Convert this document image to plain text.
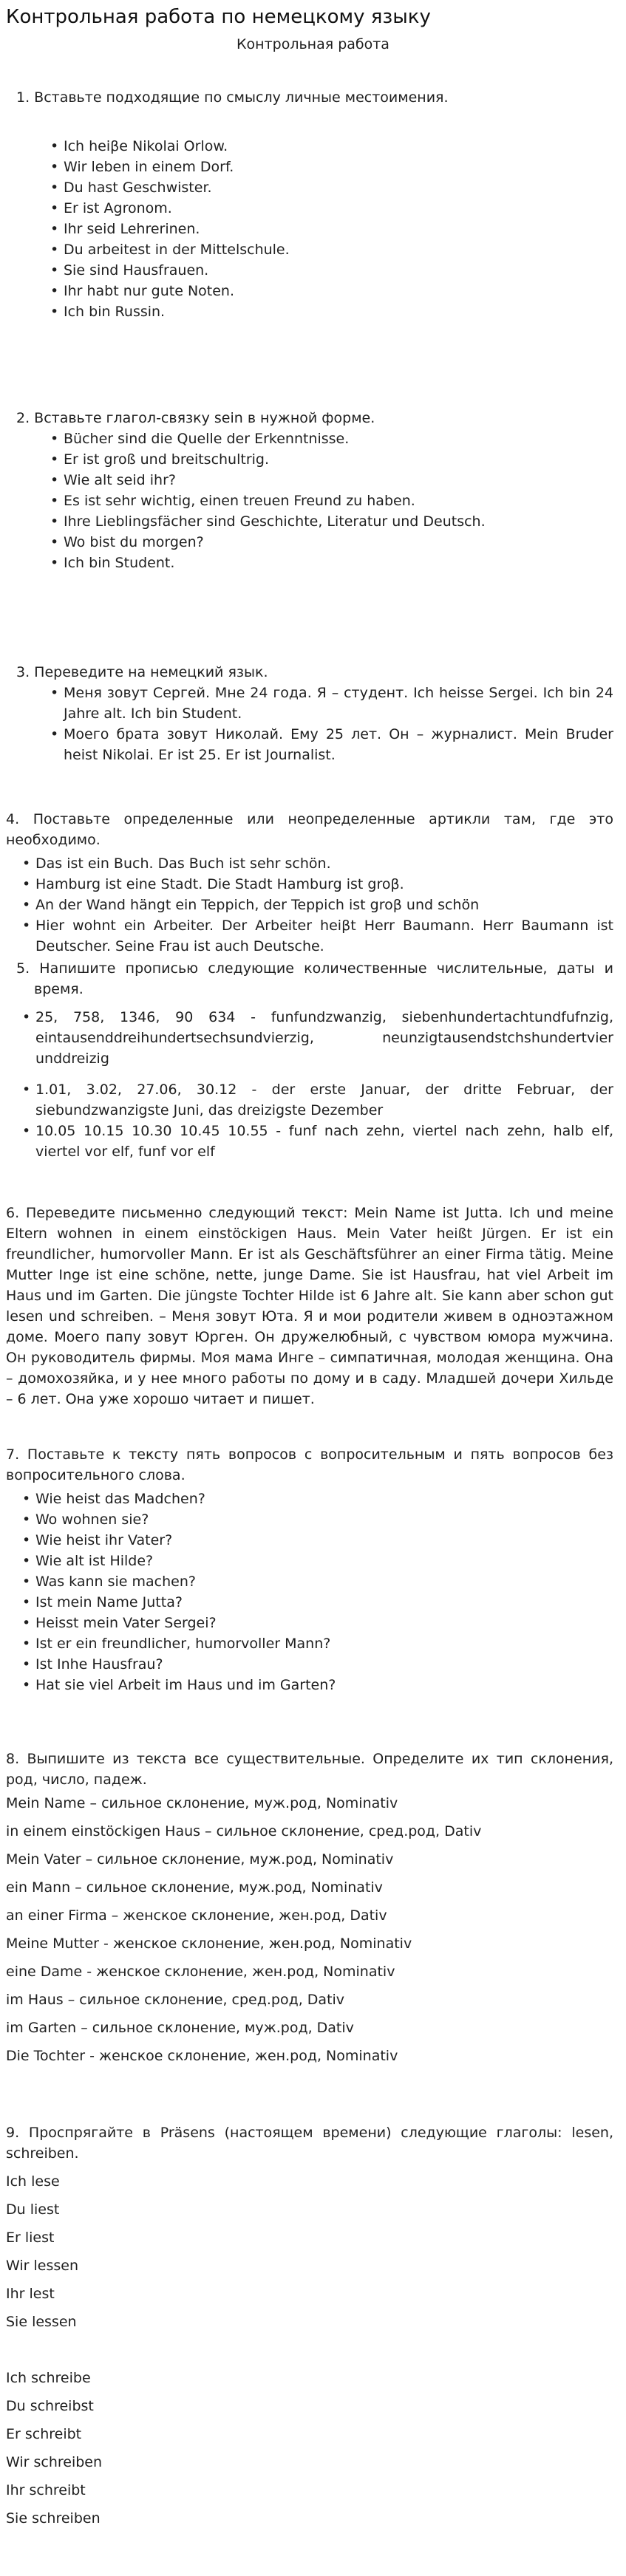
Контрольная работа по немецкому языку
Контрольная работа
1. Вставьте подходящие по смыслу личные местоимения.
• Ich heiβe Nikolai Orlow.
• Wir leben in einem Dorf.
• Du hast Geschwister.
• Er ist Agronom.
• Ihr seid Lehrerinen.
• Du arbeitest in der Mittelschule.
• Sie sind Hausfrauen.
• Ihr habt nur gute Noten.
• Ich bin Russin.
2. Вставьте глагол-связку sein в нужной форме.
• Bücher sind die Quelle der Erkenntnisse.
• Er ist groß und breitschultrig.
• Wie alt seid ihr?
• Es ist sehr wichtig, einen treuen Freund zu haben.
• Ihre Lieblingsfächer sind Geschichte, Literatur und Deutsch.
• Wo bist du morgen?
• Ich bin Student.
3. Переведите на немецкий язык.
• Меня зовут Сергей. Мне 24 года. Я – студент. Ich heisse Sergei. Ich bin 24 Jahre alt. Ich bin Student.
• Моего брата зовут Николай. Ему 25 лет. Он – журналист. Mein Bruder heist Nikolai. Er ist 25. Er ist Journalist.
4. Поставьте определенные или неопределенные артикли там, где это необходимо.
• Das ist ein Buch. Das Buch ist sehr schön.
• Hamburg ist eine Stadt. Die Stadt Hamburg ist groβ.
• An der Wand hängt ein Teppich, der Teppich ist groβ und schön
• Hier wohnt ein Arbeiter. Der Arbeiter heiβt Herr Baumann. Herr Baumann ist Deutscher. Seine Frau ist auch Deutsche.
5. Напишите прописью следующие количественные числительные, даты и время.
• 25, 758, 1346, 90 634 - funfundzwanzig, siebenhundertachtundfufnzig, eintausenddreihundertsechsundvierzig, neunzigtausendstchshundertvier unddreizig
• 1.01, 3.02, 27.06, 30.12 - der erste Januar, der dritte Februar, der siebundzwanzigste Juni, das dreizigste Dezember
• 10.05 10.15 10.30 10.45 10.55 - funf nach zehn, viertel nach zehn, halb elf, viertel vor elf, funf vor elf
6. Переведите письменно следующий текст: Mein Name ist Jutta. Ich und meine Eltern wohnen in einem einstöckigen Haus. Mein Vater heißt Jürgen. Er ist ein freundlicher, humorvoller Mann. Er ist als Geschäftsführer an einer Firma tätig. Meine Mutter Inge ist eine schöne, nette, junge Dame. Sie ist Hausfrau, hat viel Arbeit im Haus und im Garten. Die jüngste Tochter Hilde ist 6 Jahre alt. Sie kann aber schon gut lesen und schreiben. – Меня зовут Юта. Я и мои родители живем в одноэтажном доме. Моего папу зовут Юрген. Он дружелюбный, с чувством юмора мужчина. Он руководитель фирмы. Моя мама Инге – симпатичная, молодая женщина. Она – домохозяйка, и у нее много работы по дому и в саду. Младшей дочери Хильде – 6 лет. Она уже хорошо читает и пишет.
7. Поставьте к тексту пять вопросов с вопросительным и пять вопросов без вопросительного слова.
• Wie heist das Madchen?
• Wo wohnen sie?
• Wie heist ihr Vater?
• Wie alt ist Hilde?
• Was kann sie machen?
• Ist mein Name Jutta?
• Heisst mein Vater Sergei?
• Ist er ein freundlicher, humorvoller Mann?
• Ist Inhe Hausfrau?
• Hat sie viel Arbeit im Haus und im Garten?
8. Выпишите из текста все существительные. Определите их тип склонения, род, число, падеж.
Mein Name – сильное склонение, муж.род, Nominativ
in einem einstöckigen Haus – сильное склонение, сред.род, Dativ
Mein Vater – сильное склонение, муж.род, Nominativ
ein Mann – сильное склонение, муж.род, Nominativ
an einer Firma – женское склонение, жен.род, Dativ
Meine Mutter - женское склонение, жен.род, Nominativ
eine Dame - женское склонение, жен.род, Nominativ
im Haus – сильное склонение, сред.род, Dativ
im Garten – сильное склонение, муж.род, Dativ
Die Tochter - женское склонение, жен.род, Nominativ
9. Проспрягайте в Präsens (настоящем времени) следующие глаголы: lesen, schreiben.
Ich lese
Du liest
Er liest
Wir lessen
Ihr lest
Sie lessen
Ich schreibe
Du schreibst
Er schreibt
Wir schreiben
Ihr schreibt
Sie schreiben
